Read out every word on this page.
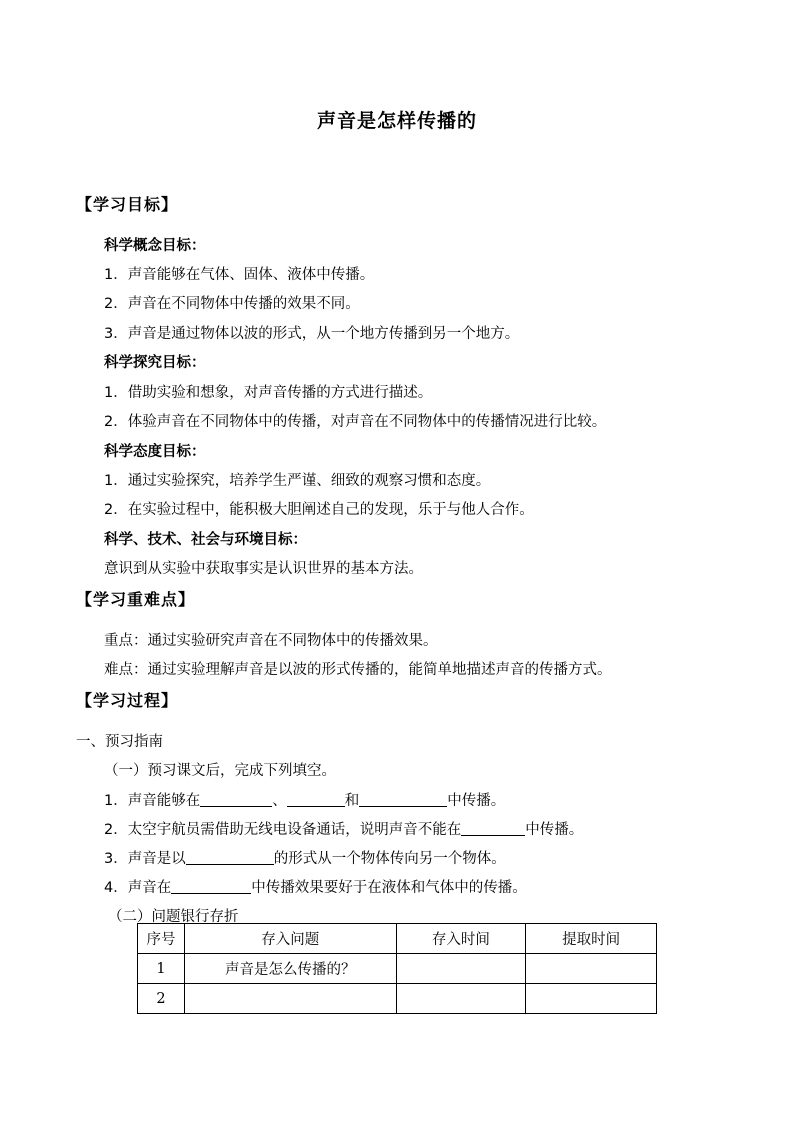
声音是怎样传播的
【学习目标】
科学概念目标：
1．声音能够在气体、固体、液体中传播。
2．声音在不同物体中传播的效果不同。
3．声音是通过物体以波的形式，从一个地方传播到另一个地方。
科学探究目标：
1．借助实验和想象，对声音传播的方式进行描述。
2．体验声音在不同物体中的传播，对声音在不同物体中的传播情况进行比较。
科学态度目标：
1．通过实验探究，培养学生严谨、细致的观察习惯和态度。
2．在实验过程中，能积极大胆阐述自己的发现，乐于与他人合作。
科学、技术、社会与环境目标：
意识到从实验中获取事实是认识世界的基本方法。
【学习重难点】
重点：通过实验研究声音在不同物体中的传播效果。
难点：通过实验理解声音是以波的形式传播的，能简单地描述声音的传播方式。
【学习过程】
一、预习指南
（一）预习课文后，完成下列填空。
1．声音能够在	、	和	中传播。
2．太空宇航员需借助无线电设备通话，说明声音不能在	中传播。
3．声音是以	的形式从一个物体传向另一个物体。
4．声音在	中传播效果要好于在液体和气体中的传播。
（二）问题银行存折
序号	存入问题	存入时间	提取时间
1	声音是怎么传播的？		
2			
